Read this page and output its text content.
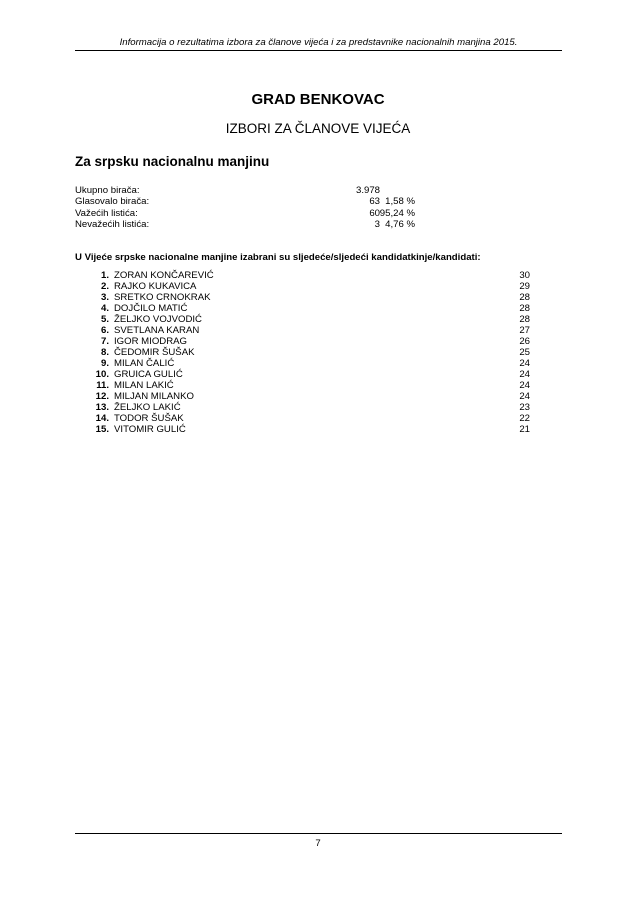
Informacija o rezultatima izbora za članove vijeća i za predstavnike nacionalnih manjina 2015.
GRAD BENKOVAC
IZBORI ZA ČLANOVE VIJEĆA
Za srpsku nacionalnu manjinu
Ukupno birača:	3.978
Glasovalo birača:	63 1,58 %
Važećih listića:	60 95,24 %
Nevažećih listića:	3 4,76 %
U Vijeće srpske nacionalne manjine izabrani su sljedeće/sljedeći kandidatkinje/kandidati:
1. ZORAN KONČAREVIĆ	30
2. RAJKO KUKAVICA	29
3. SRETKO CRNOKRAK	28
4. DOJČILO MATIĆ	28
5. ŽELJKO VOJVODIĆ	28
6. SVETLANA KARAN	27
7. IGOR MIODRAG	26
8. ČEDOMIR ŠUŠAK	25
9. MILAN ČALIĆ	24
10. GRUICA GULIĆ	24
11. MILAN LAKIĆ	24
12. MILJAN MILANKO	24
13. ŽELJKO LAKIĆ	23
14. TODOR ŠUŠAK	22
15. VITOMIR GULIĆ	21
7
